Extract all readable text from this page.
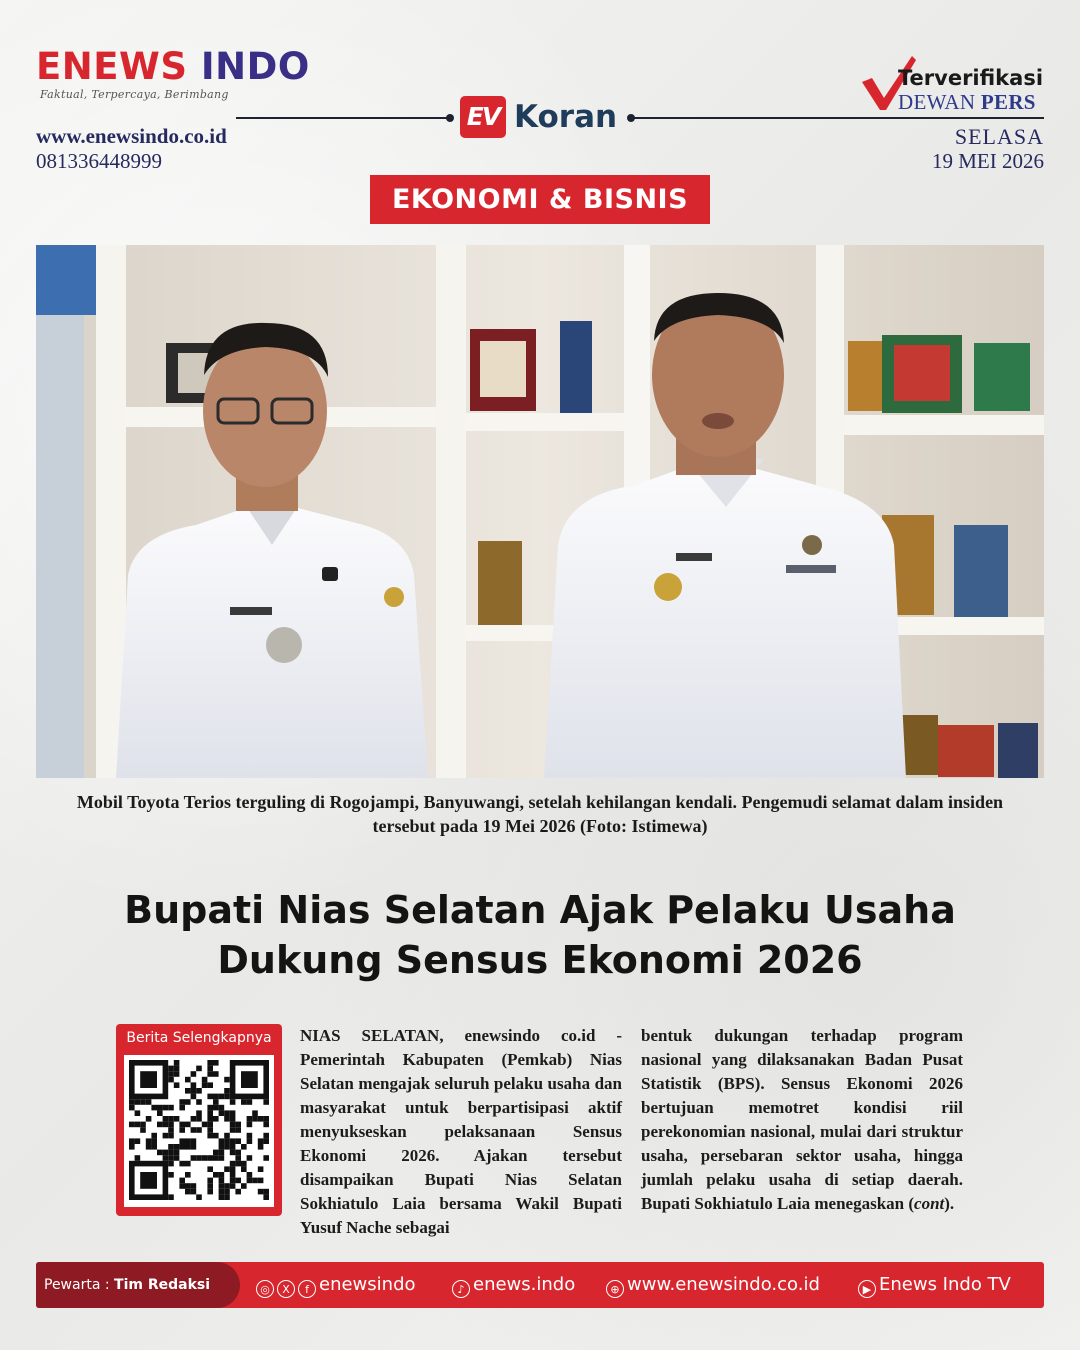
ENEWS INDO
Faktual, Terpercaya, Berimbang
www.enewsindo.co.id
081336448999
EV Koran
Terverifikasi
DEWAN PERS
SELASA
19 MEI 2026
EKONOMI & BISNIS
Mobil Toyota Terios terguling di Rogojampi, Banyuwangi, setelah kehilangan kendali. Pengemudi selamat dalam insiden tersebut pada 19 Mei 2026 (Foto: Istimewa)
Bupati Nias Selatan Ajak Pelaku Usaha Dukung Sensus Ekonomi 2026
Berita Selengkapnya	NIAS SELATAN, enewsindo co.id - Pemerintah Kabupaten (Pemkab) Nias Selatan mengajak seluruh pelaku usaha dan masyarakat untuk berpartisipasi aktif menyukseskan pelaksanaan Sensus Ekonomi 2026. Ajakan tersebut disampaikan Bupati Nias Selatan Sokhiatulo Laia bersama Wakil Bupati Yusuf Nache sebagai
bentuk dukungan terhadap program nasional yang dilaksanakan Badan Pusat Statistik (BPS). Sensus Ekonomi 2026 bertujuan memotret kondisi riil perekonomian nasional, mulai dari struktur usaha, persebaran sektor usaha, hingga jumlah pelaku usaha di setiap daerah. Bupati Sokhiatulo Laia menegaskan (cont).
Pewarta : Tim Redaksi	◎ X f enewsindo	♪ enews.indo	⊕ www.enewsindo.co.id	▶ Enews Indo TV
